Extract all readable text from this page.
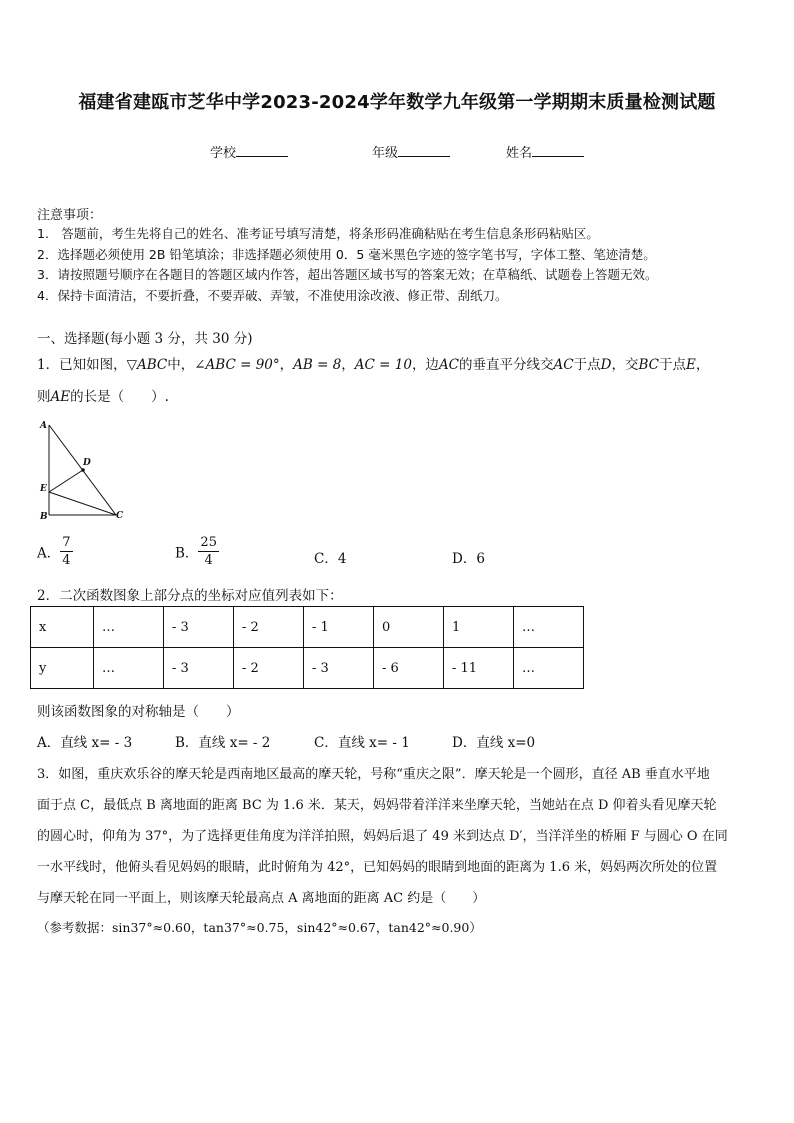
福建省建瓯市芝华中学2023-2024学年数学九年级第一学期期末质量检测试题
学校	年级	姓名
注意事项：
1.　答题前，考生先将自己的姓名、准考证号填写清楚，将条形码准确粘贴在考生信息条形码粘贴区。
2．选择题必须使用 2B 铅笔填涂；非选择题必须使用 0．5 毫米黑色字迹的签字笔书写，字体工整、笔迹清楚。
3．请按照题号顺序在各题目的答题区域内作答，超出答题区域书写的答案无效；在草稿纸、试题卷上答题无效。
4．保持卡面清洁，不要折叠，不要弄破、弄皱，不准使用涂改液、修正带、刮纸刀。
一、选择题(每小题 3 分，共 30 分)
1．已知如图，▽ABC中，∠ABC = 90°，AB = 8，AC = 10，边AC的垂直平分线交AC于点D，交BC于点E，
则AE的长是（　　）.
A
B	C
D
E
A． $\frac{7}{4}$	B． $\frac{25}{4}$	C．4	D．6
2．二次函数图象上部分点的坐标对应值列表如下：
x	…	- 3	- 2	- 1	0	1	…
y	…	- 3	- 2	- 3	- 6	- 11	…
则该函数图象的对称轴是（　　）
A．直线 x= - 3	B．直线 x= - 2	C．直线 x= - 1	D．直线 x=0
3．如图，重庆欢乐谷的摩天轮是西南地区最高的摩天轮，号称“重庆之限”．摩天轮是一个圆形，直径 AB 垂直水平地
面于点 C，最低点 B 离地面的距离 BC 为 1.6 米．某天，妈妈带着洋洋来坐摩天轮，当她站在点 D 仰着头看见摩天轮
的圆心时，仰角为 37°，为了选择更佳角度为洋洋拍照，妈妈后退了 49 米到达点 D′，当洋洋坐的桥厢 F 与圆心 O 在同
一水平线时，他俯头看见妈妈的眼睛，此时俯角为 42°，已知妈妈的眼睛到地面的距离为 1.6 米，妈妈两次所处的位置
与摩天轮在同一平面上，则该摩天轮最高点 A 离地面的距离 AC 约是（　　）
（参考数据：sin37°≈0.60，tan37°≈0.75，sin42°≈0.67，tan42°≈0.90）
